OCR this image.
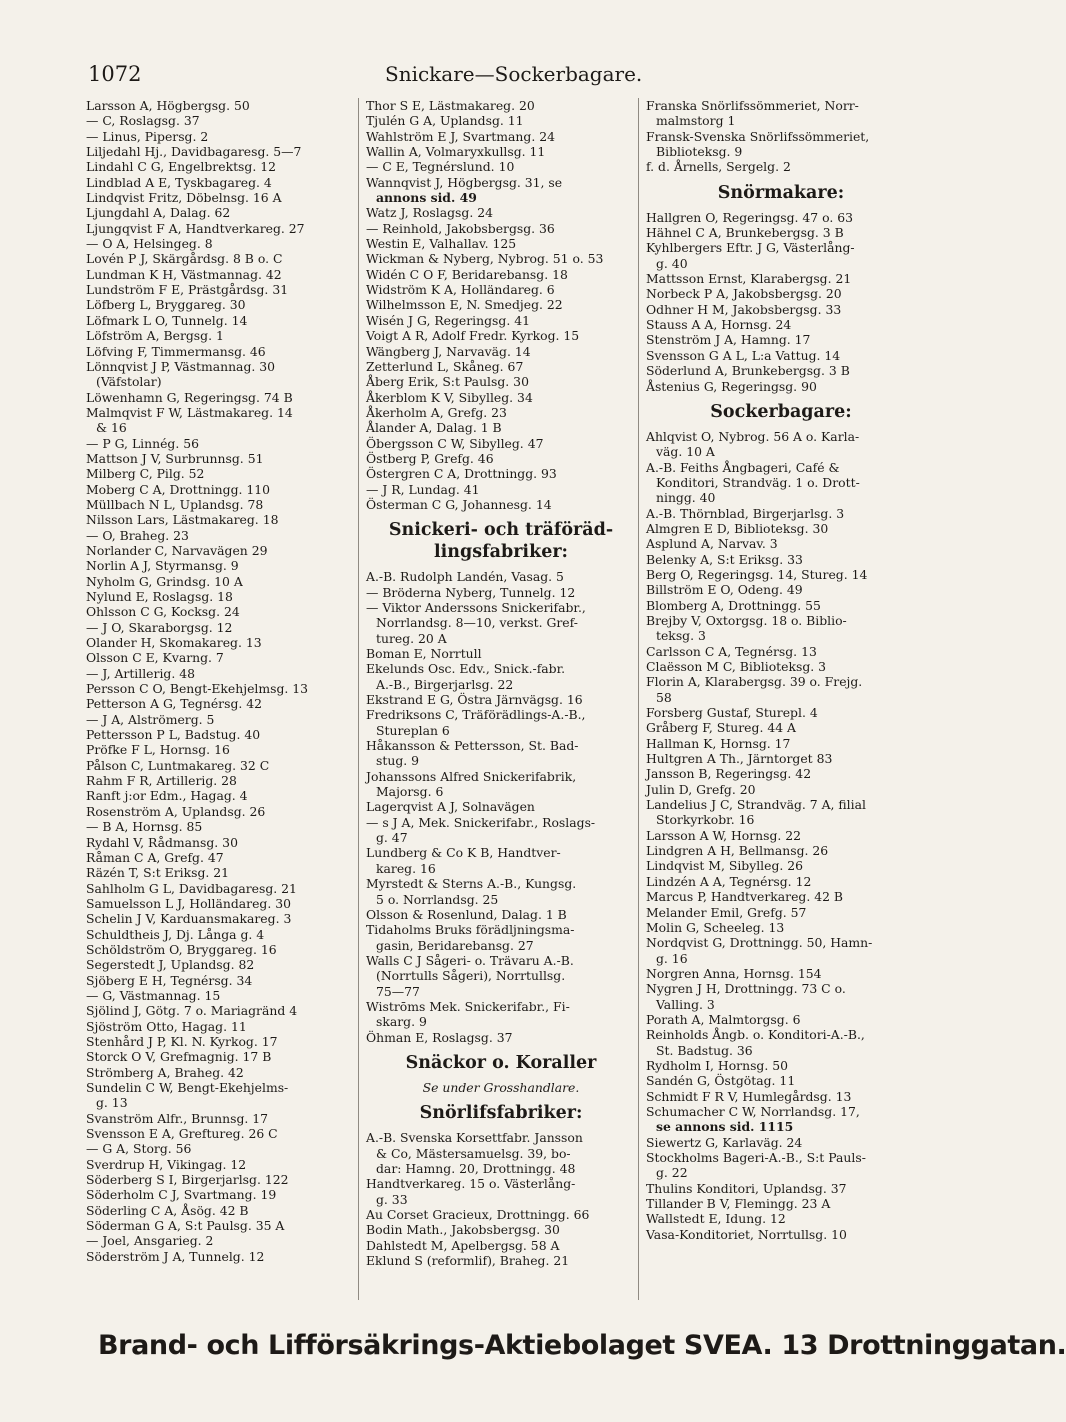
1072	Snickare—Sockerbagare.
Larsson A, Högbergsg. 50
— C, Roslagsg. 37
— Linus, Pipersg. 2
Liljedahl Hj., Davidbagaresg. 5—7
Lindahl C G, Engelbrektsg. 12
Lindblad A E, Tyskbagareg. 4
Lindqvist Fritz, Döbelnsg. 16 A
Ljungdahl A, Dalag. 62
Ljungqvist F A, Handtverkareg. 27
— O A, Helsingeg. 8
Lovén P J, Skärgårdsg. 8 B o. C
Lundman K H, Västmannag. 42
Lundström F E, Prästgårdsg. 31
Löfberg L, Bryggareg. 30
Löfmark L O, Tunnelg. 14
Löfström A, Bergsg. 1
Löfving F, Timmermansg. 46
Lönnqvist J P, Västmannag. 30
(Väfstolar)
Löwenhamn G, Regeringsg. 74 B
Malmqvist F W, Lästmakareg. 14
& 16
— P G, Linnég. 56
Mattson J V, Surbrunnsg. 51
Milberg C, Pilg. 52
Moberg C A, Drottningg. 110
Müllbach N L, Uplandsg. 78
Nilsson Lars, Lästmakareg. 18
— O, Braheg. 23
Norlander C, Narvavägen 29
Norlin A J, Styrmansg. 9
Nyholm G, Grindsg. 10 A
Nylund E, Roslagsg. 18
Ohlsson C G, Kocksg. 24
— J O, Skaraborgsg. 12
Olander H, Skomakareg. 13
Olsson C E, Kvarng. 7
— J, Artillerig. 48
Persson C O, Bengt-Ekehjelmsg. 13
Petterson A G, Tegnérsg. 42
— J A, Alströmerg. 5
Pettersson P L, Badstug. 40
Pröfke F L, Hornsg. 16
Pålson C, Luntmakareg. 32 C
Rahm F R, Artillerig. 28
Ranft j:or Edm., Hagag. 4
Rosenström A, Uplandsg. 26
— B A, Hornsg. 85
Rydahl V, Rådmansg. 30
Råman C A, Grefg. 47
Räzén T, S:t Eriksg. 21
Sahlholm G L, Davidbagaresg. 21
Samuelsson L J, Holländareg. 30
Schelin J V, Karduansmakareg. 3
Schuldtheis J, Dj. Långa g. 4
Schöldström O, Bryggareg. 16
Segerstedt J, Uplandsg. 82
Sjöberg E H, Tegnérsg. 34
— G, Västmannag. 15
Sjölind J, Götg. 7 o. Mariagränd 4
Sjöström Otto, Hagag. 11
Stenhård J P, Kl. N. Kyrkog. 17
Storck O V, Grefmagnig. 17 B
Strömberg A, Braheg. 42
Sundelin C W, Bengt-Ekehjelms-
g. 13
Svanström Alfr., Brunnsg. 17
Svensson E A, Greftureg. 26 C
— G A, Storg. 56
Sverdrup H, Vikingag. 12
Söderberg S I, Birgerjarlsg. 122
Söderholm C J, Svartmang. 19
Söderling C A, Åsög. 42 B
Söderman G A, S:t Paulsg. 35 A
— Joel, Ansgarieg. 2
Söderström J A, Tunnelg. 12
Thor S E, Lästmakareg. 20
Tjulén G A, Uplandsg. 11
Wahlström E J, Svartmang. 24
Wallin A, Volmaryxkullsg. 11
— C E, Tegnérslund. 10
Wannqvist J, Högbergsg. 31, se
annons sid. 49
Watz J, Roslagsg. 24
— Reinhold, Jakobsbergsg. 36
Westin E, Valhallav. 125
Wickman & Nyberg, Nybrog. 51 o. 53
Widén C O F, Beridarebansg. 18
Widström K A, Holländareg. 6
Wilhelmsson E, N. Smedjeg. 22
Wisén J G, Regeringsg. 41
Voigt A R, Adolf Fredr. Kyrkog. 15
Wängberg J, Narvaväg. 14
Zetterlund L, Skåneg. 67
Åberg Erik, S:t Paulsg. 30
Åkerblom K V, Sibylleg. 34
Åkerholm A, Grefg. 23
Ålander A, Dalag. 1 B
Öbergsson C W, Sibylleg. 47
Östberg P, Grefg. 46
Östergren C A, Drottningg. 93
— J R, Lundag. 41
Österman C G, Johannesg. 14
Snickeri- och träföräd-lingsfabriker:
A.-B. Rudolph Landén, Vasag. 5
— Bröderna Nyberg, Tunnelg. 12
— Viktor Anderssons Snickerifabr.,
Norrlandsg. 8—10, verkst. Gref-
tureg. 20 A
Boman E, Norrtull
Ekelunds Osc. Edv., Snick.-fabr.
A.-B., Birgerjarlsg. 22
Ekstrand E G, Östra Järnvägsg. 16
Fredriksons C, Träförädlings-A.-B.,
Stureplan 6
Håkansson & Pettersson, St. Bad-
stug. 9
Johanssons Alfred Snickerifabrik,
Majorsg. 6
Lagerqvist A J, Solnavägen
— s J A, Mek. Snickerifabr., Roslags-
g. 47
Lundberg & Co K B, Handtver-
kareg. 16
Myrstedt & Sterns A.-B., Kungsg.
5 o. Norrlandsg. 25
Olsson & Rosenlund, Dalag. 1 B
Tidaholms Bruks förädljningsma-
gasin, Beridarebansg. 27
Walls C J Sågeri- o. Trävaru A.-B.
(Norrtulls Sågeri), Norrtullsg.
75—77
Wistrōms Mek. Snickerifabr., Fi-
skarg. 9
Öhman E, Roslagsg. 37
Snäckor o. Koraller
Se under Grosshandlare.
Snörlifsfabriker:
A.-B. Svenska Korsettfabr. Jansson
& Co, Mästersamuelsg. 39, bo-
dar: Hamng. 20, Drottningg. 48
Handtverkareg. 15 o. Västerlång-
g. 33
Au Corset Gracieux, Drottningg. 66
Bodin Math., Jakobsbergsg. 30
Dahlstedt M, Apelbergsg. 58 A
Eklund S (reformlif), Braheg. 21
Franska Snörlifssömmeriet, Norr-
malmstorg 1
Fransk-Svenska Snörlifssömmeriet,
Biblioteksg. 9
f. d. Årnells, Sergelg. 2
Snörmakare:
Hallgren O, Regeringsg. 47 o. 63
Hähnel C A, Brunkebergsg. 3 B
Kyhlbergers Eftr. J G, Västerlång-
g. 40
Mattsson Ernst, Klarabergsg. 21
Norbeck P A, Jakobsbergsg. 20
Odhner H M, Jakobsbergsg. 33
Stauss A A, Hornsg. 24
Stenström J A, Hamng. 17
Svensson G A L, L:a Vattug. 14
Söderlund A, Brunkebergsg. 3 B
Åstenius G, Regeringsg. 90
Sockerbagare:
Ahlqvist O, Nybrog. 56 A o. Karla-
väg. 10 A
A.-B. Feiths Ångbageri, Café &
Konditori, Strandväg. 1 o. Drott-
ningg. 40
A.-B. Thörnblad, Birgerjarlsg. 3
Almgren E D, Biblioteksg. 30
Asplund A, Narvav. 3
Belenky A, S:t Eriksg. 33
Berg O, Regeringsg. 14, Stureg. 14
Billström E O, Odeng. 49
Blomberg A, Drottningg. 55
Brejby V, Oxtorgsg. 18 o. Biblio-
teksg. 3
Carlsson C A, Tegnérsg. 13
Claësson M C, Biblioteksg. 3
Florin A, Klarabergsg. 39 o. Frejg.
58
Forsberg Gustaf, Sturepl. 4
Gråberg F, Stureg. 44 A
Hallman K, Hornsg. 17
Hultgren A Th., Järntorget 83
Jansson B, Regeringsg. 42
Julin D, Grefg. 20
Landelius J C, Strandväg. 7 A, filial
Storkyrkobr. 16
Larsson A W, Hornsg. 22
Lindgren A H, Bellmansg. 26
Lindqvist M, Sibylleg. 26
Lindzén A A, Tegnérsg. 12
Marcus P, Handtverkareg. 42 B
Melander Emil, Grefg. 57
Molin G, Scheeleg. 13
Nordqvist G, Drottningg. 50, Hamn-
g. 16
Norgren Anna, Hornsg. 154
Nygren J H, Drottningg. 73 C o.
Valling. 3
Porath A, Malmtorgsg. 6
Reinholds Ångb. o. Konditori-A.-B.,
St. Badstug. 36
Rydholm I, Hornsg. 50
Sandén G, Östgötag. 11
Schmidt F R V, Humlegårdsg. 13
Schumacher C W, Norrlandsg. 17,
se annons sid. 1115
Siewertz G, Karlaväg. 24
Stockholms Bageri-A.-B., S:t Pauls-
g. 22
Thulins Konditori, Uplandsg. 37
Tillander B V, Flemingg. 23 A
Wallstedt E, Idung. 12
Vasa-Konditoriet, Norrtullsg. 10
Brand- och Lifförsäkrings-Aktiebolaget SVEA. 13 Drottninggatan.
